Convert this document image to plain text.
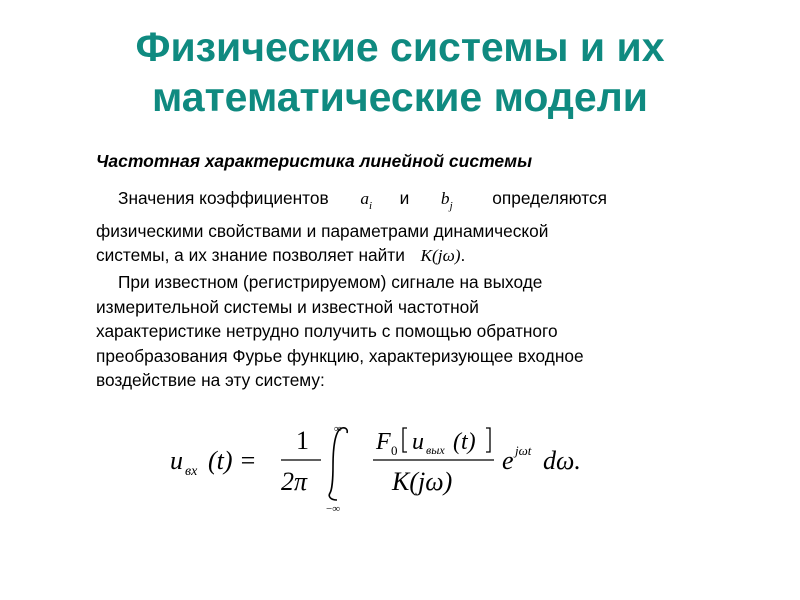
Физические системы и их
математические модели
Частотная характеристика линейной системы
Значения коэффициентов $a_i$ и $b_j$ определяются
физическими свойствами и параметрами динамической
системы, а их знание позволяет найти K(jω).
При известном (регистрируемом) сигнале на выходе
измерительной системы и известной частотной
характеристике нетрудно получить с помощью обратного
преобразования Фурье функцию, характеризующее входное
воздействие на эту систему:
u вх (t) =
1
2π
∞
−∞
F 0 u вых (t)
K(jω)
e jωt dω.
